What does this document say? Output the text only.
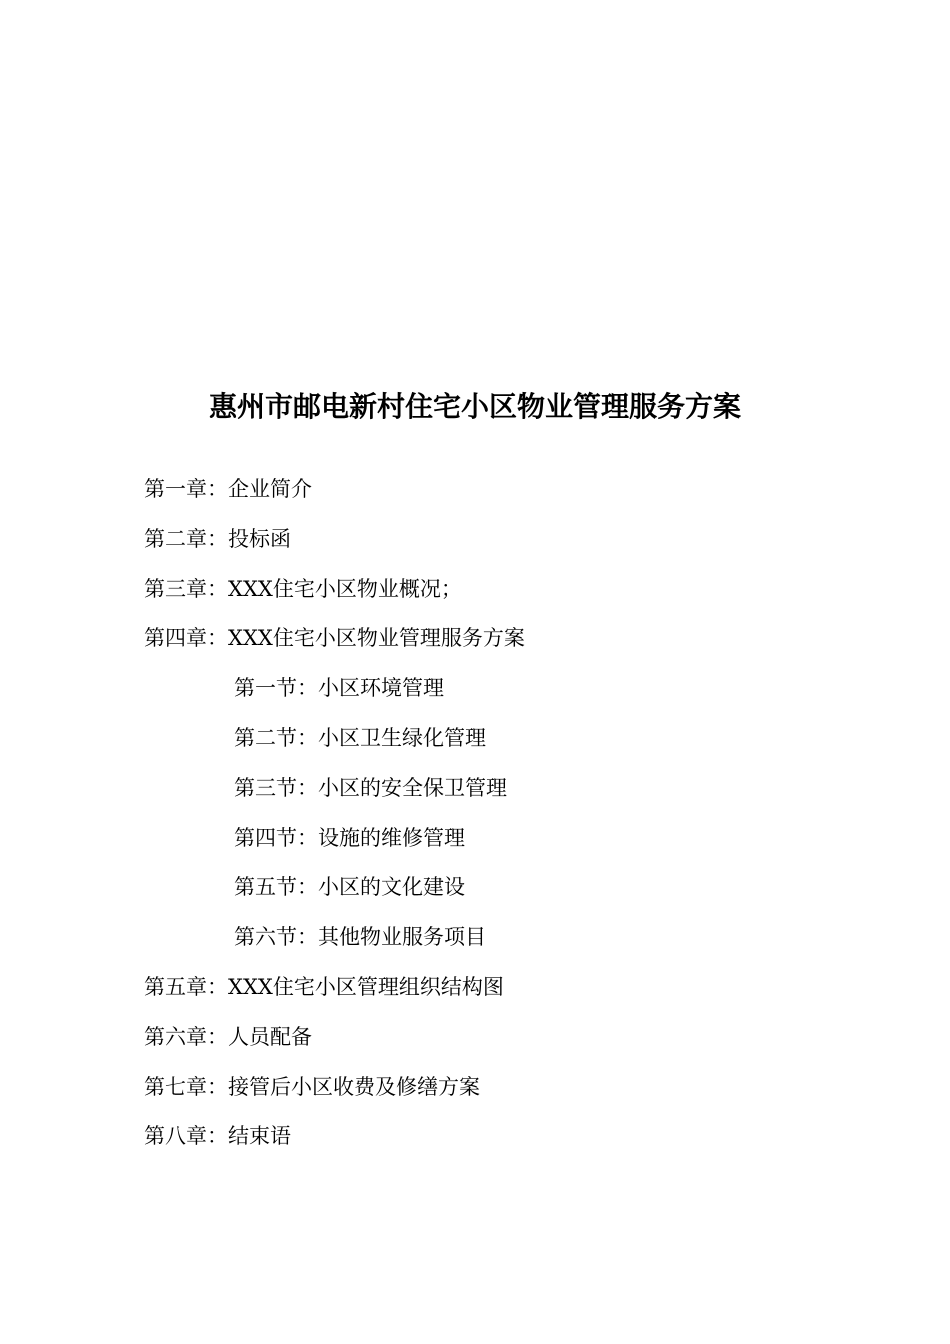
惠州市邮电新村住宅小区物业管理服务方案
第一章：企业简介
第二章：投标函
第三章：XXX住宅小区物业概况；
第四章：XXX住宅小区物业管理服务方案
第一节：小区环境管理
第二节：小区卫生绿化管理
第三节：小区的安全保卫管理
第四节：设施的维修管理
第五节：小区的文化建设
第六节：其他物业服务项目
第五章：XXX住宅小区管理组织结构图
第六章：人员配备
第七章：接管后小区收费及修缮方案
第八章：结束语
